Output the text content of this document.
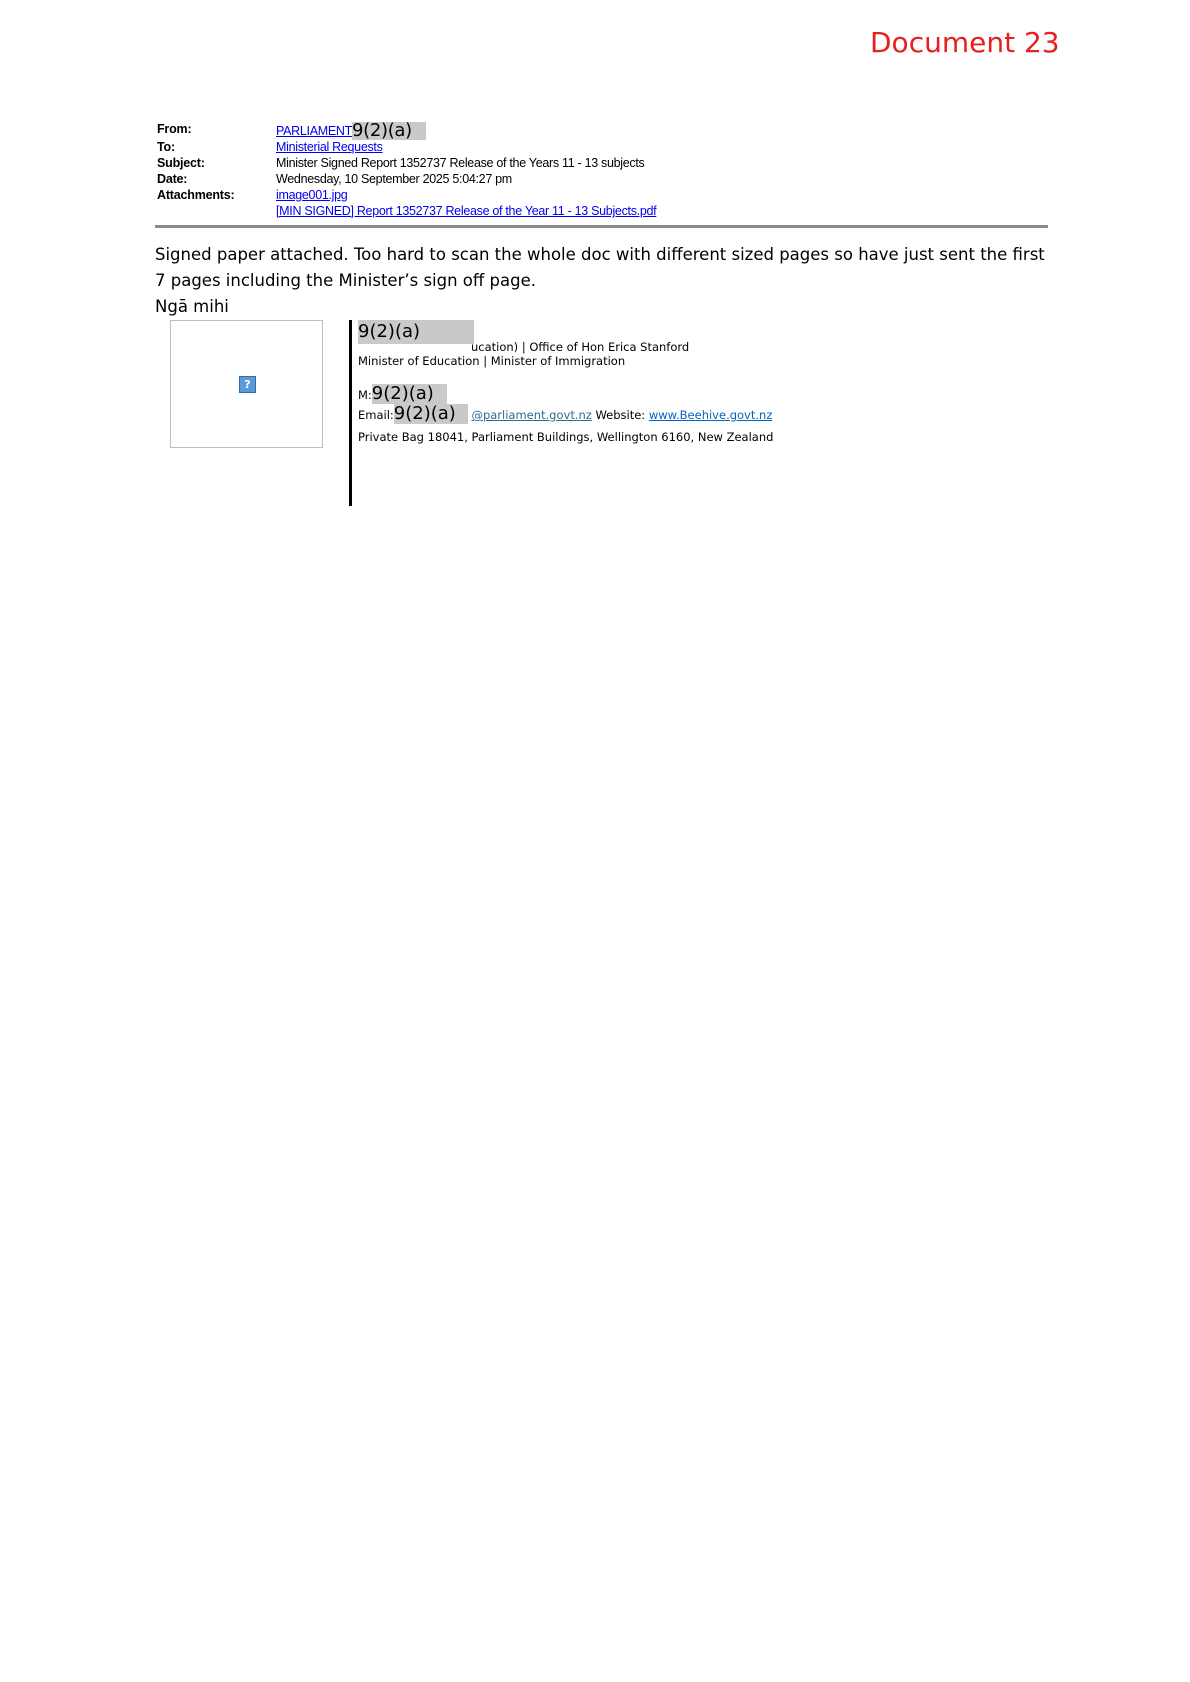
Document 23
From:	PARLIAMENT9(2)(a)
To:	Ministerial Requests
Subject:	Minister Signed Report 1352737 Release of the Years 11 - 13 subjects
Date:	Wednesday, 10 September 2025 5:04:27 pm
Attachments:	image001.jpg
[MIN SIGNED] Report 1352737 Release of the Year 11 - 13 Subjects.pdf

Signed paper attached. Too hard to scan the whole doc with different sized pages so have just sent the first 7 pages including the Minister’s sign off page.

Ngā mihi

?
9(2)(a)
ucation) | Office of Hon Erica Stanford
Minister of Education | Minister of Immigration
M:9(2)(a)
Email:9(2)(a) @parliament.govt.nz Website: www.Beehive.govt.nz
Private Bag 18041, Parliament Buildings, Wellington 6160, New Zealand
